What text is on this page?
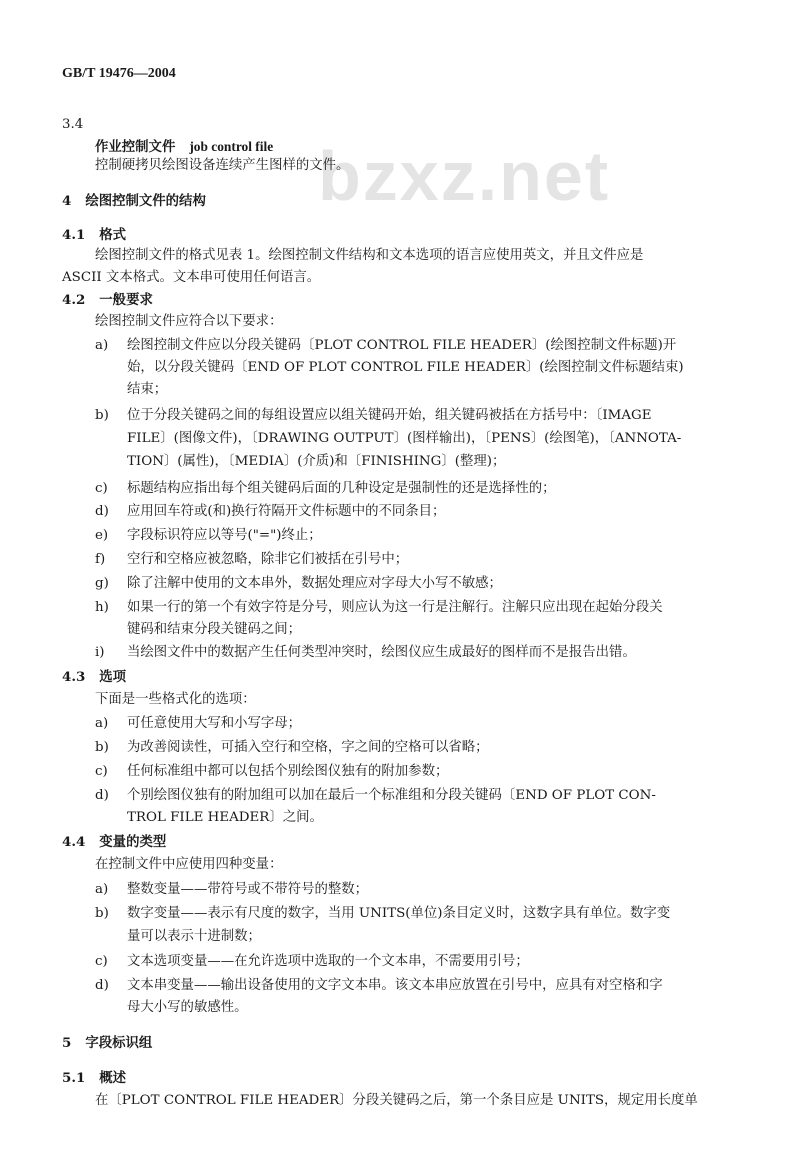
bzxz.net
GB/T 19476—2004
3.4
作业控制文件 job control file
控制硬拷贝绘图设备连续产生图样的文件。
4 绘图控制文件的结构
4.1 格式
绘图控制文件的格式见表 1。绘图控制文件结构和文本选项的语言应使用英文，并且文件应是
ASCII 文本格式。文本串可使用任何语言。
4.2 一般要求
绘图控制文件应符合以下要求：
a) 绘图控制文件应以分段关键码〔PLOT CONTROL FILE HEADER〕(绘图控制文件标题)开
始，以分段关键码〔END OF PLOT CONTROL FILE HEADER〕(绘图控制文件标题结束)
结束；
b) 位于分段关键码之间的每组设置应以组关键码开始，组关键码被括在方括号中：〔IMAGE
FILE〕(图像文件)，〔DRAWING OUTPUT〕(图样输出)，〔PENS〕(绘图笔)，〔ANNOTA-
TION〕(属性)，〔MEDIA〕(介质)和〔FINISHING〕(整理)；
c) 标题结构应指出每个组关键码后面的几种设定是强制性的还是选择性的；
d) 应用回车符或(和)换行符隔开文件标题中的不同条目；
e) 字段标识符应以等号("=")终止；
f) 空行和空格应被忽略，除非它们被括在引号中；
g) 除了注解中使用的文本串外，数据处理应对字母大小写不敏感；
h) 如果一行的第一个有效字符是分号，则应认为这一行是注解行。注解只应出现在起始分段关
键码和结束分段关键码之间；
i) 当绘图文件中的数据产生任何类型冲突时，绘图仪应生成最好的图样而不是报告出错。
4.3 选项
下面是一些格式化的选项：
a) 可任意使用大写和小写字母；
b) 为改善阅读性，可插入空行和空格，字之间的空格可以省略；
c) 任何标准组中都可以包括个别绘图仪独有的附加参数；
d) 个别绘图仪独有的附加组可以加在最后一个标准组和分段关键码〔END OF PLOT CON-
TROL FILE HEADER〕之间。
4.4 变量的类型
在控制文件中应使用四种变量：
a) 整数变量——带符号或不带符号的整数；
b) 数字变量——表示有尺度的数字，当用 UNITS(单位)条目定义时，这数字具有单位。数字变
量可以表示十进制数；
c) 文本选项变量——在允许选项中选取的一个文本串，不需要用引号；
d) 文本串变量——输出设备使用的文字文本串。该文本串应放置在引号中，应具有对空格和字
母大小写的敏感性。
5 字段标识组
5.1 概述
在〔PLOT CONTROL FILE HEADER〕分段关键码之后，第一个条目应是 UNITS，规定用长度单
